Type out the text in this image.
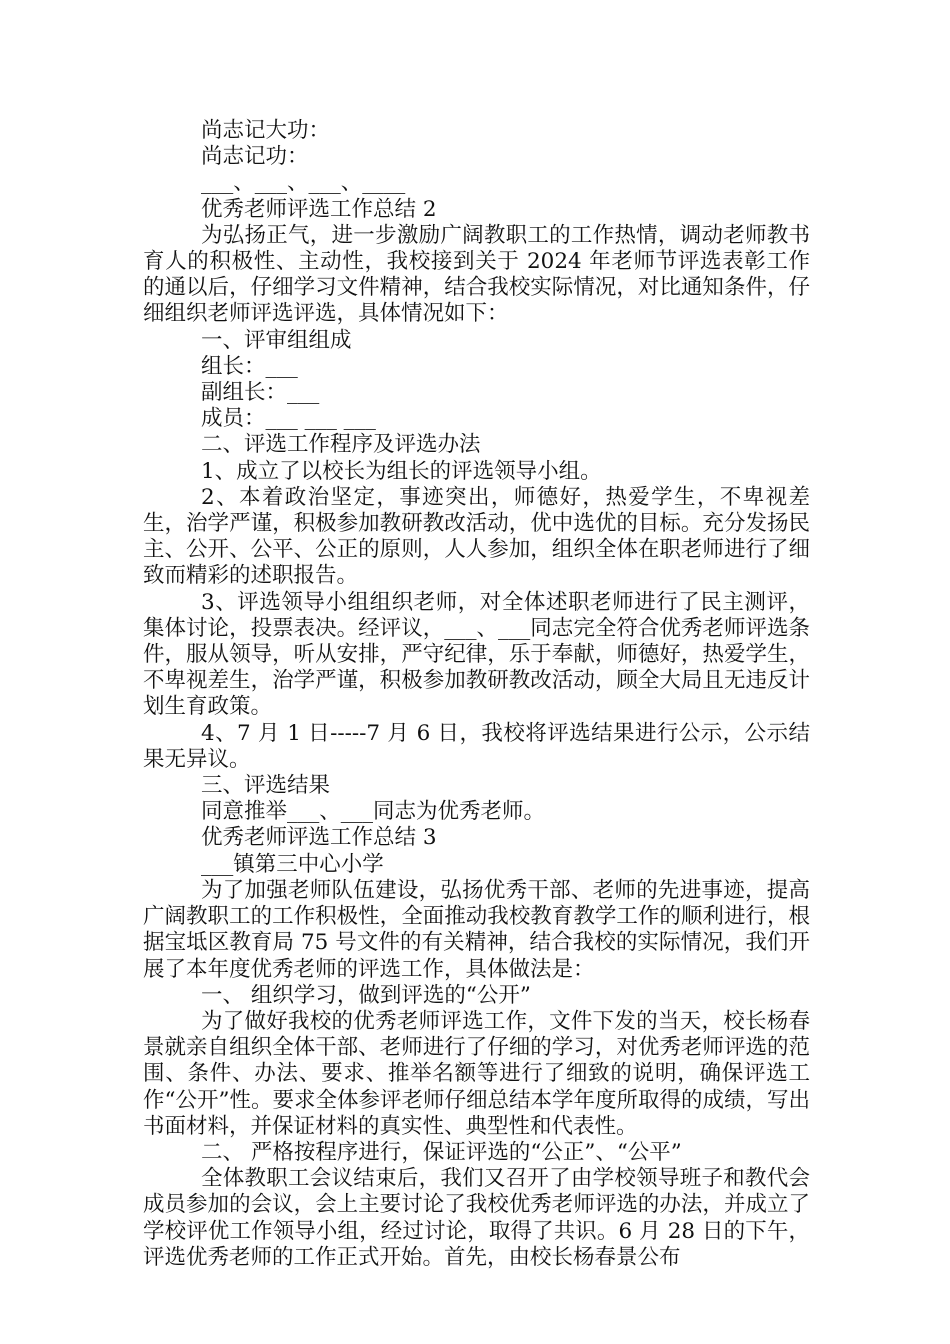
尚志记大功：

尚志记功：

___、___、___、____

优秀老师评选工作总结 2

为弘扬正气，进一步激励广阔教职工的工作热情，调动老师教书育人的积极性、主动性，我校接到关于 2024 年老师节评选表彰工作的通以后，仔细学习文件精神，结合我校实际情况，对比通知条件，仔细组织老师评选评选，具体情况如下：

一、评审组组成

组长：___

副组长：___

成员：___ ___ ___

二、评选工作程序及评选办法

1、成立了以校长为组长的评选领导小组。

2、本着政治坚定，事迹突出，师德好，热爱学生，不卑视差生，治学严谨，积极参加教研教改活动，优中选优的目标。充分发扬民主、公开、公平、公正的原则，人人参加，组织全体在职老师进行了细致而精彩的述职报告。

3、评选领导小组组织老师，对全体述职老师进行了民主测评，集体讨论，投票表决。经评议，___、___同志完全符合优秀老师评选条件，服从领导，听从安排，严守纪律，乐于奉献，师德好，热爱学生，不卑视差生，治学严谨，积极参加教研教改活动，顾全大局且无违反计划生育政策。

4、7 月 1 日-----7 月 6 日，我校将评选结果进行公示，公示结果无异议。

三、评选结果

同意推举___、___同志为优秀老师。

优秀老师评选工作总结 3

___镇第三中心小学

为了加强老师队伍建设，弘扬优秀干部、老师的先进事迹，提高广阔教职工的工作积极性，全面推动我校教育教学工作的顺利进行，根据宝坻区教育局 75 号文件的有关精神，结合我校的实际情况，我们开展了本年度优秀老师的评选工作，具体做法是：

一、 组织学习，做到评选的“公开”

为了做好我校的优秀老师评选工作，文件下发的当天，校长杨春景就亲自组织全体干部、老师进行了仔细的学习，对优秀老师评选的范围、条件、办法、要求、推举名额等进行了细致的说明，确保评选工作“公开”性。要求全体参评老师仔细总结本学年度所取得的成绩，写出书面材料，并保证材料的真实性、典型性和代表性。

二、 严格按程序进行，保证评选的“公正”、“公平”

全体教职工会议结束后，我们又召开了由学校领导班子和教代会成员参加的会议，会上主要讨论了我校优秀老师评选的办法，并成立了学校评优工作领导小组，经过讨论，取得了共识。6 月 28 日的下午，评选优秀老师的工作正式开始。首先，由校长杨春景公布
